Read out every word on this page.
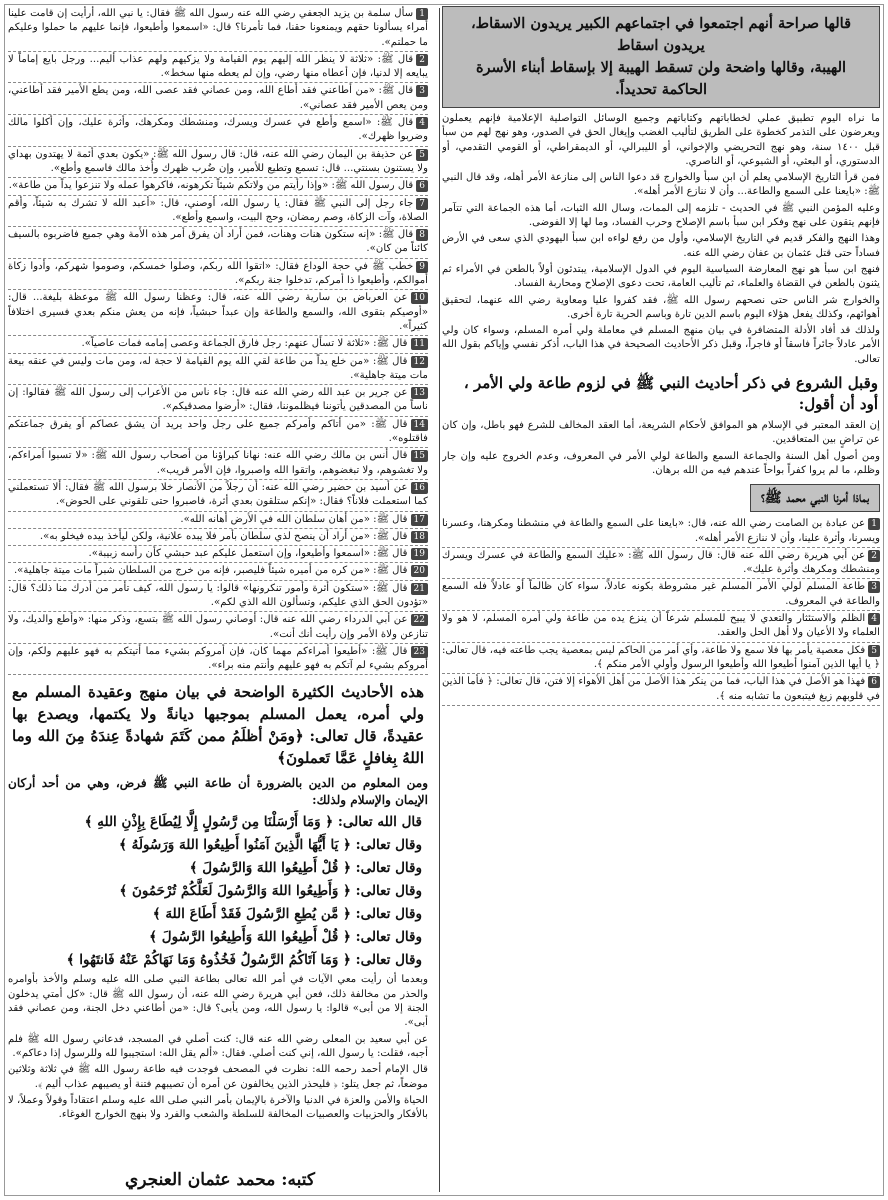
قالها صراحة أنهم اجتمعوا في اجتماعهم الكبير يريدون الاسقاط، يريدون اسقاط
الهيبة، وقالها واضحة ولن تسقط الهيبة إلا بإسقاط أبناء الأسرة الحاكمة تحديداً.
ما نراه اليوم تطبيق عملي لخطاباتهم وكتاباتهم وجميع الوسائل التواصلية الإعلامية فإنهم يعملون ويعرضون على التذمر كخطوة على الطريق لتأليب الغضب وإيغال الحق في الصدور، وهو نهج لهم من سبأ قبل ١٤٠٠ سنة، وهو نهج التحريضي والإخواني، أو الليبرالي، أو الديمقراطي، أو القومي التقدمي، أو الدستوري، أو البعثي، أو الشيوعي، أو الناصري.
فمن قرأ التاريخ الإسلامي يعلم أن ابن سبأ والخوارج قد دعوا الناس إلى منازعة الأمر أهله، وقد قال النبي ﷺ: «بايعنا على السمع والطاعة... وأن لا ننازع الأمر أهله».
وعليه المؤمن النبي ﷺ في الحديث - تلزمه إلى الممات، وسال الله الثبات، أما هذه الجماعة التي تتآمر فإنهم يتقون على نهج وفكر ابن سبأ باسم الإصلاح وحرب الفساد، وما لها إلا الفوضى.
وهذا النهج والفكر قديم في التاريخ الإسلامي، وأول من رفع لواءه ابن سبأ اليهودي الذي سعى في الأرض فساداً حتى قتل عثمان بن عفان رضي الله عنه.
فنهج ابن سبأ هو نهج المعارضة السياسية اليوم في الدول الإسلامية، يبتدئون أولاً بالطعن في الأمراء ثم يثنون بالطعن في القضاة والعلماء، ثم تأليب العامة، تحت دعوى الإصلاح ومحاربة الفساد.
والخوارج شر الناس حتى نصحهم رسول الله ﷺ، فقد كفروا عليا ومعاوية رضي الله عنهما، لتحقيق أهوائهم، وكذلك يفعل هؤلاء اليوم باسم الدين تارة وباسم الحرية تارة أخرى.
ولذلك قد أفاد الأدلة المتضافرة في بيان منهج المسلم في معاملة ولي أمره المسلم، وسواء كان ولي الأمر عادلاً جائراً فاسقاً أو فاجراً، وقبل ذكر الأحاديث الصحيحة في هذا الباب، أذكر نفسي وإياكم بقول الله تعالى.
وقبل الشروع في ذكر أحاديث النبي ﷺ في لزوم طاعة ولي الأمر ، أود أن أقول:
إن العقد المعتبر في الإسلام هو الموافق لأحكام الشريعة، أما العقد المخالف للشرع فهو باطل، وإن كان عن تراضٍ بين المتعاقدين.
ومن أصول أهل السنة والجماعة السمع والطاعة لولي الأمر في المعروف، وعدم الخروج عليه وإن جار وظلم، ما لم يروا كفراً بواحاً عندهم فيه من الله برهان.
بماذا أمرنا النبي محمد ﷺ؟
1عن عبادة بن الصامت رضي الله عنه، قال: «بايعنا على السمع والطاعة في منشطنا ومكرهنا، وعسرنا ويسرنا، وأثرة علينا، وأن لا ننازع الأمر أهله».
2عن أبي هريرة رضي الله عنه قال: قال رسول الله ﷺ: «عليك السمع والطاعة في عسرك ويسرك ومنشطك ومكرهك وأثرة عليك».
3طاعة المسلم لولي الأمر المسلم غير مشروطة بكونه عادلاً، سواء كان ظالماً أو عادلاً فله السمع والطاعة في المعروف.
4الظلم والاستئثار والتعدي لا يبيح للمسلم شرعاً أن ينزع يده من طاعة ولي أمره المسلم، لا هو ولا العلماء ولا الأعيان ولا أهل الحل والعقد.
5فكل معصية يأمر بها فلا سمع ولا طاعة، وأي أمر من الحاكم ليس بمعصية يجب طاعته فيه، قال تعالى: ﴿ يا أيها الذين آمنوا أطيعوا الله وأطيعوا الرسول وأولي الأمر منكم ﴾.
6فهذا هو الأصل في هذا الباب، فما من ينكر هذا الأصل من أهل الأهواء إلا فتن، قال تعالى: ﴿ فأما الذين في قلوبهم زيغ فيتبعون ما تشابه منه ﴾.
1سأل سلمة بن يزيد الجعفي رضي الله عنه رسول الله ﷺ فقال: يا نبي الله، أرأيت إن قامت علينا أمراء يسألونا حقهم ويمنعونا حقنا، فما تأمرنا؟ قال: «اسمعوا وأطيعوا، فإنما عليهم ما حملوا وعليكم ما حملتم».
2قال ﷺ: «ثلاثة لا ينظر الله إليهم يوم القيامة ولا يزكيهم ولهم عذاب أليم... ورجل بايع إماماً لا يبايعه إلا لدنيا، فإن أعطاه منها رضي، وإن لم يعطه منها سخط».
3قال ﷺ: «من أطاعني فقد أطاع الله، ومن عصاني فقد عصى الله، ومن يطع الأمير فقد أطاعني، ومن يعص الأمير فقد عصاني».
4قال ﷺ: «اسمع وأطع في عسرك ويسرك، ومنشطك ومكرهك، وأثرة عليك، وإن أكلوا مالك وضربوا ظهرك».
5عن حذيفة بن اليمان رضي الله عنه، قال: قال رسول الله ﷺ: «يكون بعدي أئمة لا يهتدون بهداي ولا يستنون بسنتي... قال: تسمع وتطيع للأمير، وإن ضُرب ظهرك وأُخذ مالك فاسمع وأطع».
6قال رسول الله ﷺ: «وإذا رأيتم من ولاتكم شيئاً تكرهونه، فاكرهوا عمله ولا تنزعوا يداً من طاعة».
7جاء رجل إلى النبي ﷺ فقال: يا رسول الله، أوصني، قال: «أعبد الله لا تشرك به شيئاً، وأقم الصلاة، وآت الزكاة، وصم رمضان، وحج البيت، واسمع وأطع».
8قال ﷺ: «إنه ستكون هنات وهنات، فمن أراد أن يفرق أمر هذه الأمة وهي جميع فاضربوه بالسيف كائناً من كان».
9خطب ﷺ في حجة الوداع فقال: «اتقوا الله ربكم، وصلوا خمسكم، وصوموا شهركم، وأدوا زكاة أموالكم، وأطيعوا ذا أمركم، تدخلوا جنة ربكم».
10عن العرباض بن سارية رضي الله عنه، قال: وعظنا رسول الله ﷺ موعظة بليغة... قال: «أوصيكم بتقوى الله، والسمع والطاعة وإن عبداً حبشياً، فإنه من يعش منكم بعدي فسيرى اختلافاً كثيراً».
11قال ﷺ: «ثلاثة لا تسأل عنهم: رجل فارق الجماعة وعصى إمامه فمات عاصياً».
12قال ﷺ: «من خلع يداً من طاعة لقي الله يوم القيامة لا حجة له، ومن مات وليس في عنقه بيعة مات ميتة جاهلية».
13عن جرير بن عبد الله رضي الله عنه قال: جاء ناس من الأعراب إلى رسول الله ﷺ فقالوا: إن ناساً من المصدقين يأتوننا فيظلموننا، فقال: «أرضوا مصدقيكم».
14قال ﷺ: «من أتاكم وأمركم جميع على رجل واحد يريد أن يشق عصاكم أو يفرق جماعتكم فاقتلوه».
15قال أنس بن مالك رضي الله عنه: نهانا كبراؤنا من أصحاب رسول الله ﷺ: «لا تسبوا أمراءكم، ولا تغشوهم، ولا تبغضوهم، واتقوا الله واصبروا، فإن الأمر قريب».
16عن أسيد بن حضير رضي الله عنه: أن رجلاً من الأنصار خلا برسول الله ﷺ فقال: ألا تستعملني كما استعملت فلاناً؟ فقال: «إنكم ستلقون بعدي أثرة، فاصبروا حتى تلقوني على الحوض».
17قال ﷺ: «من أهان سلطان الله في الأرض أهانه الله».
18قال ﷺ: «من أراد أن ينصح لذي سلطان بأمر فلا يبده علانية، ولكن ليأخذ بيده فيخلو به».
19قال ﷺ: «اسمعوا وأطيعوا، وإن استعمل عليكم عبد حبشي كأن رأسه زبيبة».
20قال ﷺ: «من كره من أميره شيئاً فليصبر، فإنه من خرج من السلطان شبراً مات ميتة جاهلية».
21قال ﷺ: «ستكون أثرة وأمور تنكرونها» قالوا: يا رسول الله، كيف تأمر من أدرك منا ذلك؟ قال: «تؤدون الحق الذي عليكم، وتسألون الله الذي لكم».
22عن أبي الدرداء رضي الله عنه قال: أوصاني رسول الله ﷺ بتسع، وذكر منها: «وأطع والديك، ولا تنازعن ولاة الأمر وإن رأيت أنك أنت».
23قال ﷺ: «أطيعوا أمراءكم مهما كان، فإن أمروكم بشيء مما أتيتكم به فهو عليهم ولكم، وإن أمروكم بشيء لم آتكم به فهو عليهم وأنتم منه براء».
هذه الأحاديث الكثيرة الواضحة في بيان منهج وعقيدة المسلم مع ولي أمره، يعمل المسلم بموجبها ديانةً ولا يكتمها، ويصدع بها عقيدةً، قال تعالى: ﴿ومَنْ أظلَمُ ممن كَتَمَ شهادةً عِندَهُ مِنَ الله وما اللهُ بِغافلٍ عَمَّا تَعملونَ﴾
ومن المعلوم من الدين بالضرورة أن طاعة النبي ﷺ فرض، وهي من أحد أركان الإيمان والإسلام ولذلك:
قال الله تعالى: ﴿ وَمَا أَرْسَلْنَا مِن رَّسُولٍ إِلَّا لِيُطَاعَ بِإِذْنِ اللهِ ﴾
وقال تعالى: ﴿ يَا أَيُّهَا الَّذِينَ آمَنُوا أَطِيعُوا اللهَ وَرَسُولَهُ ﴾
وقال تعالى: ﴿ قُلْ أَطِيعُوا اللهَ وَالرَّسُولَ ﴾
وقال تعالى: ﴿ وَأَطِيعُوا اللهَ وَالرَّسُولَ لَعَلَّكُمْ تُرْحَمُونَ ﴾
وقال تعالى: ﴿ مَّن يُطِعِ الرَّسُولَ فَقَدْ أَطَاعَ اللهَ ﴾
وقال تعالى: ﴿ قُلْ أَطِيعُوا اللهَ وَأَطِيعُوا الرَّسُولَ ﴾
وقال تعالى: ﴿ وَمَا آتَاكُمُ الرَّسُولُ فَخُذُوهُ وَمَا نَهَاكُمْ عَنْهُ فَانتَهُوا ﴾
وبعدما أن رأيت معي الآيات في أمر الله تعالى بطاعة النبي صلى الله عليه وسلم والأخذ بأوامره والحذر من مخالفة ذلك، فعن أبي هريرة رضي الله عنه، أن رسول الله ﷺ قال: «كل أمتي يدخلون الجنة إلا من أبى» قالوا: يا رسول الله، ومن يأبى؟ قال: «من أطاعني دخل الجنة، ومن عصاني فقد أبى».
عن أبي سعيد بن المعلى رضي الله عنه قال: كنت أصلي في المسجد، فدعاني رسول الله ﷺ فلم أجبه، فقلت: يا رسول الله، إني كنت أصلي. فقال: «ألم يقل الله: استجيبوا لله وللرسول إذا دعاكم».
قال الإمام أحمد رحمه الله: نظرت في المصحف فوجدت فيه طاعة رسول الله ﷺ في ثلاثة وثلاثين موضعاً، ثم جعل يتلو: ﴿ فليحذر الذين يخالفون عن أمره أن تصيبهم فتنة أو يصيبهم عذاب أليم ﴾.
الحياة والأمن والعزة في الدنيا والآخرة بالإيمان بأمر النبي صلى الله عليه وسلم اعتقاداً وقولاً وعملاً، لا بالأفكار والحزبيات والعصبيات المخالفة للسلطة والشعب والفرد ولا بنهج الخوارج الغوغاء.
كتبه: محمد عثمان العنجري
